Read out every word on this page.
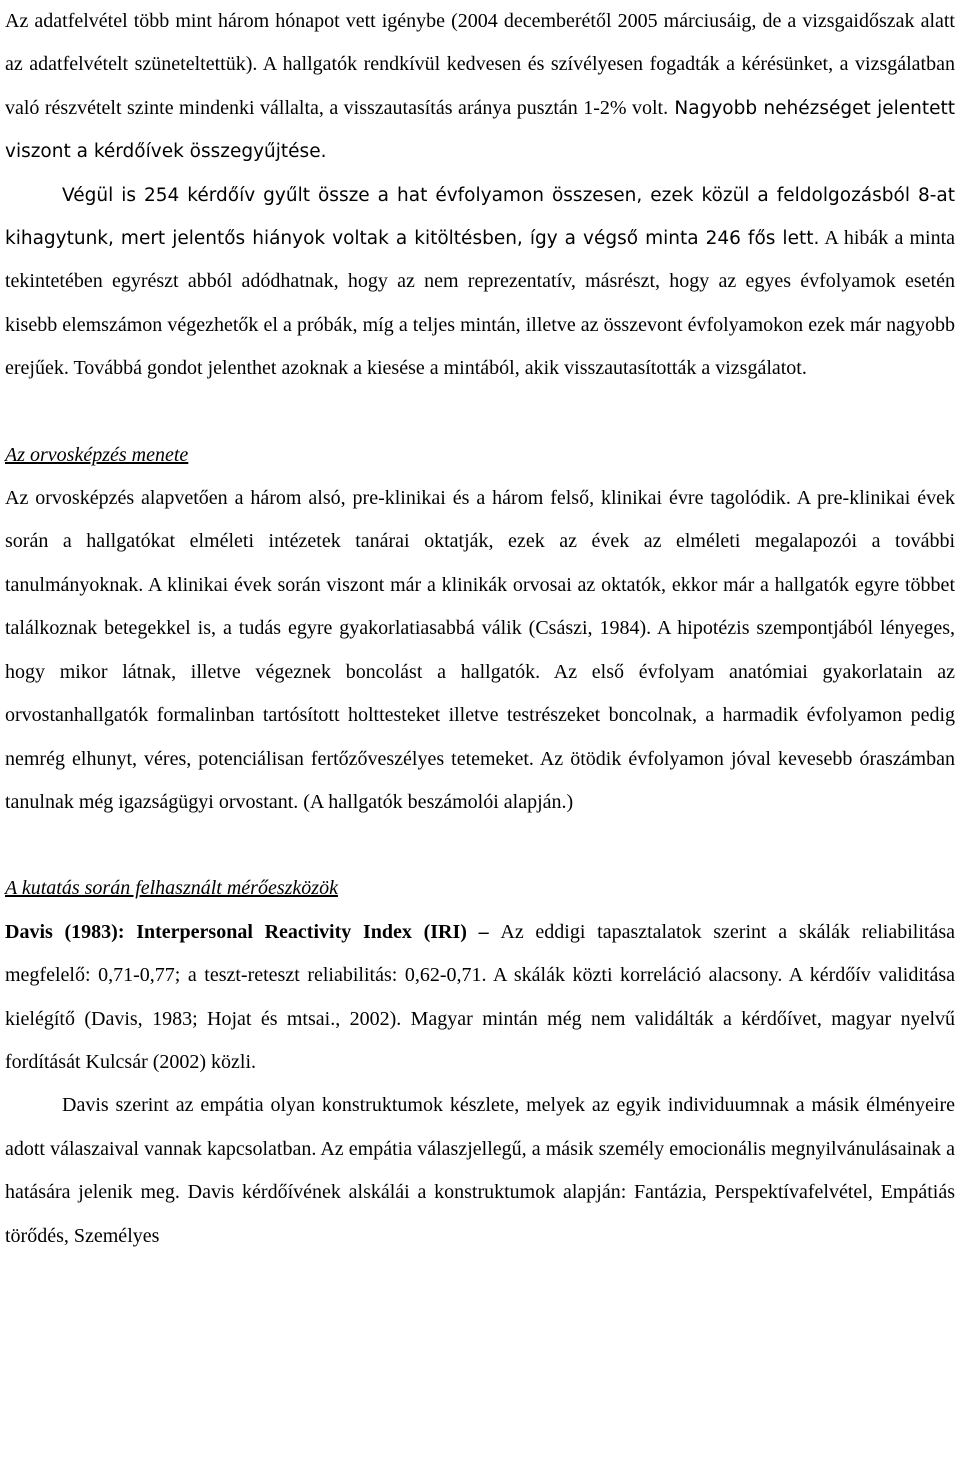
Az adatfelvétel több mint három hónapot vett igénybe (2004 decemberétől 2005 márciusáig, de a vizsgaidőszak alatt az adatfelvételt szüneteltettük). A hallgatók rendkívül kedvesen és szívélyesen fogadták a kérésünket, a vizsgálatban való részvételt szinte mindenki vállalta, a visszautasítás aránya pusztán 1-2% volt. Nagyobb nehézséget jelentett viszont a kérdőívek összegyűjtése.

Végül is 254 kérdőív gyűlt össze a hat évfolyamon összesen, ezek közül a feldolgozásból 8-at kihagytunk, mert jelentős hiányok voltak a kitöltésben, így a végső minta 246 fős lett. A hibák a minta tekintetében egyrészt abból adódhatnak, hogy az nem reprezentatív, másrészt, hogy az egyes évfolyamok esetén kisebb elemszámon végezhetők el a próbák, míg a teljes mintán, illetve az összevont évfolyamokon ezek már nagyobb erejűek. Továbbá gondot jelenthet azoknak a kiesése a mintából, akik visszautasították a vizsgálatot.

Az orvosképzés menete

Az orvosképzés alapvetően a három alsó, pre-klinikai és a három felső, klinikai évre tagolódik. A pre-klinikai évek során a hallgatókat elméleti intézetek tanárai oktatják, ezek az évek az elméleti megalapozói a további tanulmányoknak. A klinikai évek során viszont már a klinikák orvosai az oktatók, ekkor már a hallgatók egyre többet találkoznak betegekkel is, a tudás egyre gyakorlatiasabbá válik (Császi, 1984). A hipotézis szempontjából lényeges, hogy mikor látnak, illetve végeznek boncolást a hallgatók. Az első évfolyam anatómiai gyakorlatain az orvostanhallgatók formalinban tartósított holttesteket illetve testrészeket boncolnak, a harmadik évfolyamon pedig nemrég elhunyt, véres, potenciálisan fertőzőveszélyes tetemeket. Az ötödik évfolyamon jóval kevesebb óraszámban tanulnak még igazságügyi orvostant. (A hallgatók beszámolói alapján.)

A kutatás során felhasznált mérőeszközök

Davis (1983): Interpersonal Reactivity Index (IRI) – Az eddigi tapasztalatok szerint a skálák reliabilitása megfelelő: 0,71-0,77; a teszt-reteszt reliabilitás: 0,62-0,71. A skálák közti korreláció alacsony. A kérdőív validitása kielégítő (Davis, 1983; Hojat és mtsai., 2002). Magyar mintán még nem validálták a kérdőívet, magyar nyelvű fordítását Kulcsár (2002) közli.

Davis szerint az empátia olyan konstruktumok készlete, melyek az egyik individuumnak a másik élményeire adott válaszaival vannak kapcsolatban. Az empátia válaszjellegű, a másik személy emocionális megnyilvánulásainak a hatására jelenik meg. Davis kérdőívének alskálái a konstruktumok alapján: Fantázia, Perspektívafelvétel, Empátiás törődés, Személyes
